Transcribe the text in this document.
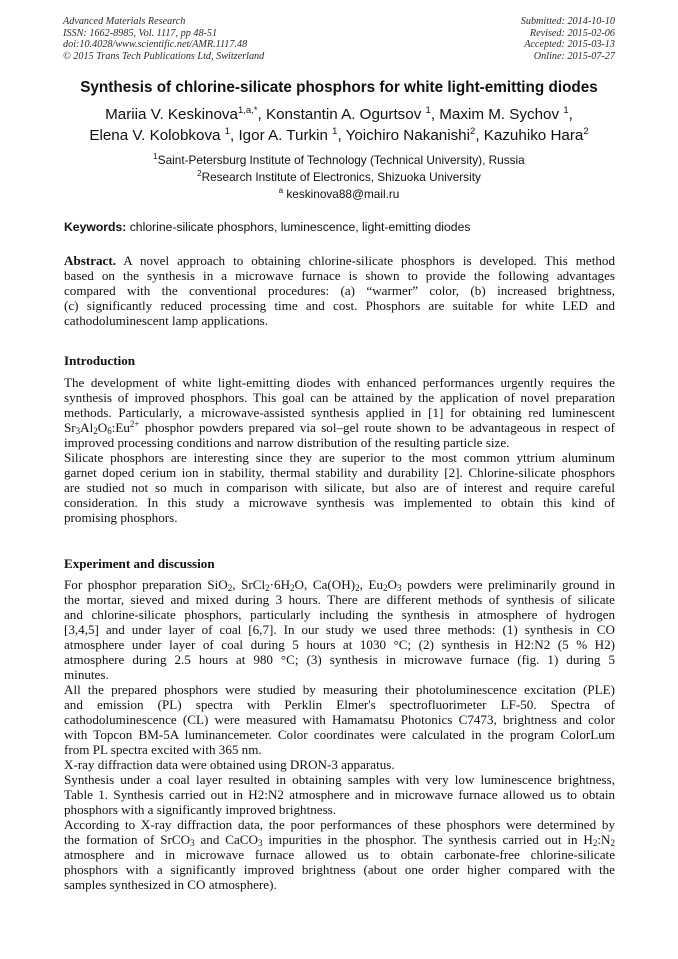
Advanced Materials Research
ISSN: 1662-8985, Vol. 1117, pp 48-51
doi:10.4028/www.scientific.net/AMR.1117.48
© 2015 Trans Tech Publications Ltd, Switzerland
Submitted: 2014-10-10
Revised: 2015-02-06
Accepted: 2015-03-13
Online: 2015-07-27
Synthesis of chlorine-silicate phosphors for white light-emitting diodes
Mariia V. Keskinova$^{1,a,*}$, Konstantin A. Ogurtsov $^1$, Maxim M. Sychov $^1$,
Elena V. Kolobkova $^1$, Igor A. Turkin $^1$, Yoichiro Nakanishi$^2$, Kazuhiko Hara$^2$
$^1$Saint-Petersburg Institute of Technology (Technical University), Russia
$^2$Research Institute of Electronics, Shizuoka University
$^a$ keskinova88@mail.ru
Keywords: chlorine-silicate phosphors, luminescence, light-emitting diodes
Abstract. A novel approach to obtaining chlorine-silicate phosphors is developed. This method
based on the synthesis in a microwave furnace is shown to provide the following advantages
compared with the conventional procedures: (a) “warmer” color, (b) increased brightness,
(c) significantly reduced processing time and cost. Phosphors are suitable for white LED and
cathodoluminescent lamp applications.
Introduction
The development of white light-emitting diodes with enhanced performances urgently requires the
synthesis of improved phosphors. This goal can be attained by the application of novel preparation
methods. Particularly, a microwave-assisted synthesis applied in [1] for obtaining red luminescent
$Sr_3Al_2O_6:Eu^{2+}$ phosphor powders prepared via sol–gel route shown to be advantageous in respect of
improved processing conditions and narrow distribution of the resulting particle size.
Silicate phosphors are interesting since they are superior to the most common yttrium aluminum
garnet doped cerium ion in stability, thermal stability and durability [2]. Chlorine-silicate phosphors
are studied not so much in comparison with silicate, but also are of interest and require careful
consideration. In this study a microwave synthesis was implemented to obtain this kind of
promising phosphors.
Experiment and discussion
For phosphor preparation SiO$_2$, $SrCl_2\cdot 6H_2O$, $Ca(OH)_2$, $Eu_2O_3$ powders were preliminarily ground in
the mortar, sieved and mixed during 3 hours. There are different methods of synthesis of silicate
and chlorine-silicate phosphors, particularly including the synthesis in atmosphere of hydrogen
[3,4,5] and under layer of coal [6,7]. In our study we used three methods: (1) synthesis in CO
atmosphere under layer of coal during 5 hours at 1030 °C; (2) synthesis in H2:N2 (5 % H2)
atmosphere during 2.5 hours at 980 °C; (3) synthesis in microwave furnace (fig. 1) during 5
minutes.
All the prepared phosphors were studied by measuring their photoluminescence excitation (PLE)
and emission (PL) spectra with Perklin Elmer's spectrofluorimeter LF-50. Spectra of
cathodoluminescence (CL) were measured with Hamamatsu Photonics C7473, brightness and color
with Topcon BM-5A luminancemeter. Color coordinates were calculated in the program ColorLum
from PL spectra excited with 365 nm.
X-ray diffraction data were obtained using DRON-3 apparatus.
Synthesis under a coal layer resulted in obtaining samples with very low luminescence brightness,
Table 1. Synthesis carried out in H2:N2 atmosphere and in microwave furnace allowed us to obtain
phosphors with a significantly improved brightness.
According to X-ray diffraction data, the poor performances of these phosphors were determined by
the formation of SrCO$_3$ and CaCO$_3$ impurities in the phosphor. The synthesis carried out in $H_2:N_2$
atmosphere and in microwave furnace allowed us to obtain carbonate-free chlorine-silicate
phosphors with a significantly improved brightness (about one order higher compared with the
samples synthesized in CO atmosphere).
